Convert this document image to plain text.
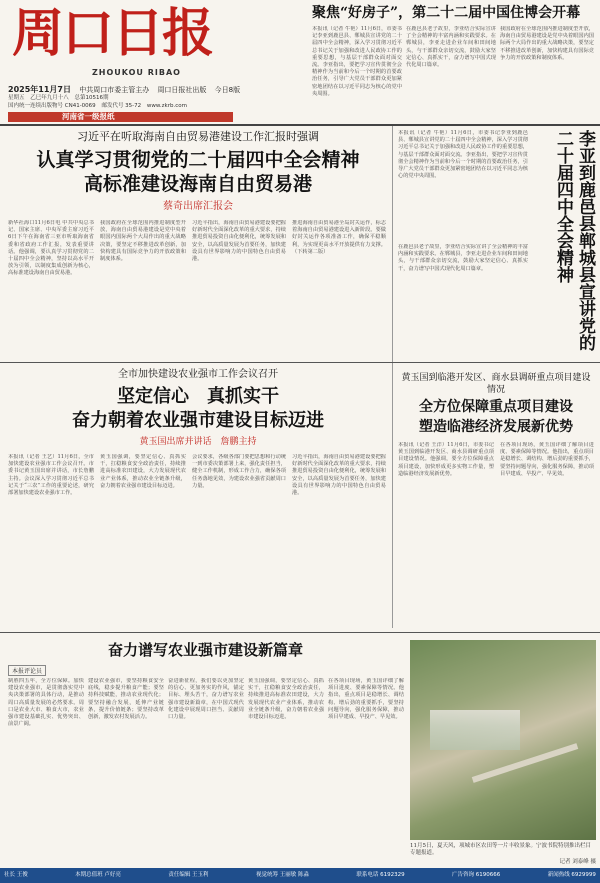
周口日报
ZHOUKOU RIBAO
2025年11月7日 中共周口市委主管主办 周口日报社出版 今日8版
星期五 乙巳年九月十八 总第10516期
国内统一连续出版物号 CN41-0069 邮发代号 35-72 www.zkrb.com
河南省一级报纸
聚焦“好房子”，第二十二届中国住博会开幕
本报讯（记者 牛艳）11月6日，市委书记李亚到鹿邑县、郸城县宣讲党的二十届四中全会精神，深入学习贯彻习近平总书记关于加强和改进人民政协工作的重要思想，与基层干部群众面对面交流。李亚指出，要把学习宣传贯彻全会精神作为当前和今后一个时期的首要政治任务，引导广大党员干部群众更加紧密地团结在以习近平同志为核心的党中央周围。
在鹿邑县老子故里，李亚结合实际宣讲了全会精神的丰富内涵和实践要求。在郸城县，李亚走进企业车间和田间地头，与干部群众亲切交流，鼓励大家坚定信心、真抓实干，奋力谱写中国式现代化周口篇章。
我国政府在全球范围内推进制度型开放，海南自由贸易港建设是党中央着眼国内国际两个大局作出的重大战略决策，要坚定不移推进改革创新，加快构建具有国际竞争力的开放政策和制度体系。
习近平在听取海南自由贸易港建设工作汇报时强调
认真学习贯彻党的二十届四中全会精神
高标准建设海南自由贸易港
蔡奇出席汇报会
新华社海口11月6日电 中共中央总书记、国家主席、中央军委主席习近平6日下午在海南省三亚市听取海南省委和省政府工作汇报，发表重要讲话。他强调，要认真学习贯彻党的二十届四中全会精神，坚持以高水平开放为引领，以制度集成创新为核心，高标准建设海南自由贸易港。
我国政府在全球范围内推进制度型开放，海南自由贸易港建设是党中央着眼国内国际两个大局作出的重大战略决策，要坚定不移推进改革创新，加快构建具有国际竞争力的开放政策和制度体系。
习近平指出，海南自由贸易港建设要把握好新时代全面深化改革的重大要求，持续推进贸易投资自由化便利化，统筹发展和安全，以高质量发展为首要任务，加快建设具有世界影响力的中国特色自由贸易港。
推进海南自由贸易港全岛封关运作，标志着海南自由贸易港建设进入新阶段。要做好封关运作各项准备工作，确保平稳顺利，为实现更高水平开放提供有力支撑。（下转第二版）
本报讯（记者 牛艳）11月6日，市委书记李亚到鹿邑县、郸城县宣讲党的二十届四中全会精神，深入学习贯彻习近平总书记关于加强和改进人民政协工作的重要思想，与基层干部群众面对面交流。李亚指出，要把学习宣传贯彻全会精神作为当前和今后一个时期的首要政治任务，引导广大党员干部群众更加紧密地团结在以习近平同志为核心的党中央周围。
在鹿邑县老子故里，李亚结合实际宣讲了全会精神的丰富内涵和实践要求。在郸城县，李亚走进企业车间和田间地头，与干部群众亲切交流，鼓励大家坚定信心、真抓实干，奋力谱写中国式现代化周口篇章。	李亚到鹿邑县郸城县宣讲党的二十届四中全会精神
全市加快建设农业强市工作会议召开
坚定信心　真抓实干
奋力朝着农业强市建设目标迈进
黄玉国出席并讲话　詹鹏主持
本报讯（记者 王艺）11月6日，全市加快建设农业强市工作会议召开。市委书记黄玉国出席并讲话，市长詹鹏主持。会议深入学习贯彻习近平总书记关于“三农”工作的重要论述，研究部署加快建设农业强市工作。
黄玉国强调，要坚定信心、真抓实干，扛稳粮食安全政治责任，持续推进高标准农田建设，大力发展现代农业产业体系，推动农业全链条升级，奋力朝着农业强市建设目标迈进。
会议要求，各级各部门要把思想和行动统一到市委决策部署上来，强化责任担当，健全工作机制，形成工作合力，确保各项任务落地见效，为建设农业强省贡献周口力量。
习近平指出，海南自由贸易港建设要把握好新时代全面深化改革的重大要求，持续推进贸易投资自由化便利化，统筹发展和安全，以高质量发展为首要任务，加快建设具有世界影响力的中国特色自由贸易港。
黄玉国到临港开发区、商水县调研重点项目建设情况
全方位保障重点项目建设
塑造临港经济发展新优势
本报讯（记者 王洋）11月6日，市委书记黄玉国到临港开发区、商水县调研重点项目建设情况。他强调，要全方位保障重点项目建设，加快形成更多实物工作量，塑造临港经济发展新优势。
在各项目现场，黄玉国详细了解项目进度、要素保障等情况。他指出，重点项目是稳增长、调结构、增后劲的重要抓手，要坚持问题导向，强化服务保障，推动项目早建成、早投产、早见效。
奋力谱写农业强市建设新篇章
本报评论员
制胜四五年，全方位保障。加快建设农业强市，是贯彻落实党中央决策部署的具体行动，是推动周口高质量发展的必然要求。周口是农业大市、粮食大市，农业强市建设基础扎实、优势突出、前景广阔。
建设农业强市，要坚持粮食安全底线，稳步提升粮食产能；要坚持科技赋能，推动农业现代化；要坚持融合发展，延伸产业链条，提升价值链条；要坚持改革创新，激发农村发展活力。
奋进新征程，我们要以更加坚定的信心、更加务实的作风，锚定目标、埋头苦干，奋力谱写农业强市建设新篇章，在中国式现代化建设中展现周口担当、贡献周口力量。
黄玉国强调，要坚定信心、真抓实干，扛稳粮食安全政治责任，持续推进高标准农田建设，大力发展现代农业产业体系，推动农业全链条升级，奋力朝着农业强市建设目标迈进。
在各项目现场，黄玉国详细了解项目进度、要素保障等情况。他指出，重点项目是稳增长、调结构、增后劲的重要抓手，要坚持问题导向，强化服务保障，推动项目早建成、早投产、早见效。
11月5日，夏天风，项城市区农田等一片丰收景象。宁波书院特别推出栏目专题报道。
记者 刘泰峰 摄
社长 王俊	本期总值班 卢好亮	责任编辑 王玉利	视觉统筹 王丽敏 陈淼	联系电话 6192329	广告咨询 6190666	新闻热线 6929999
